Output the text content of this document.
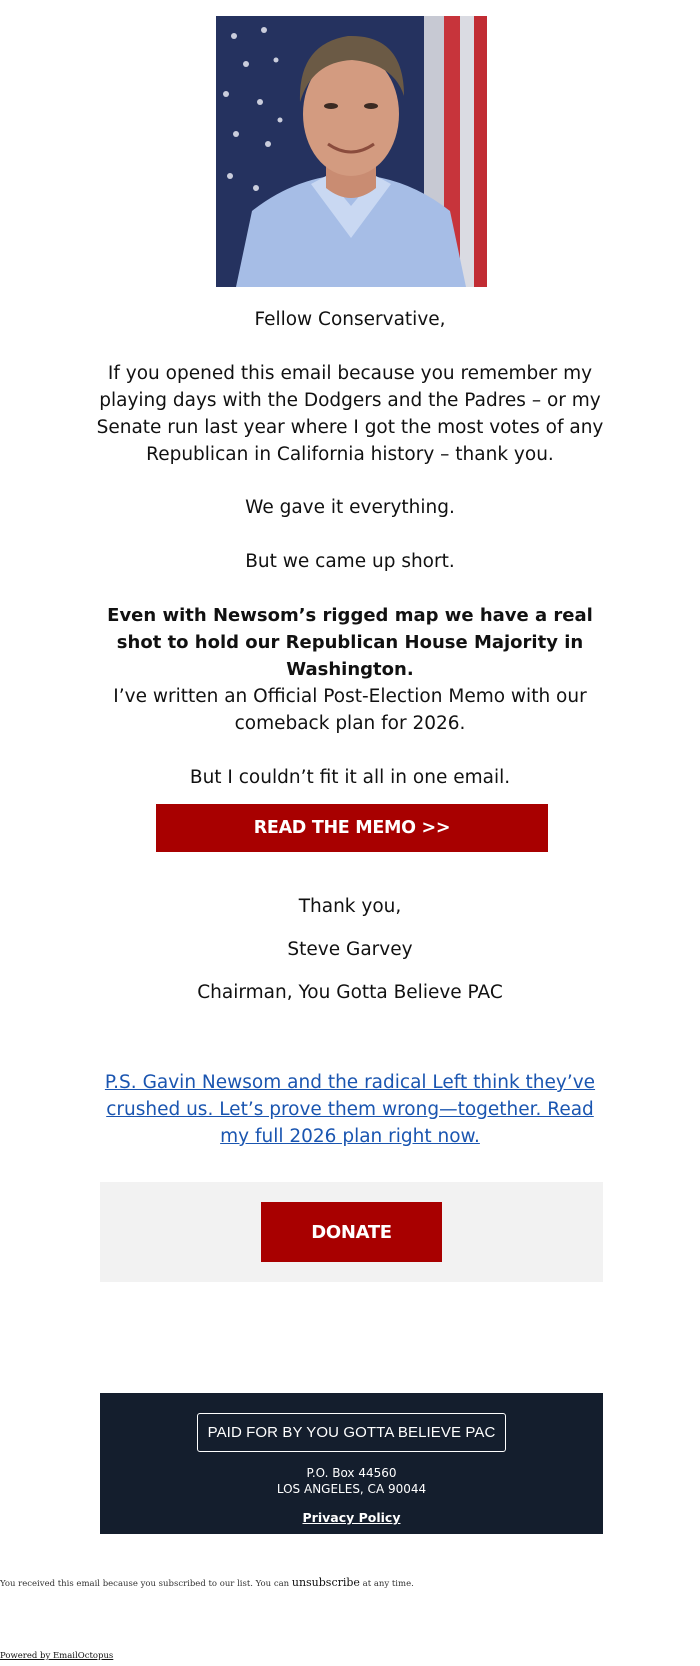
Fellow Conservative,

If you opened this email because you remember my playing days with the Dodgers and the Padres – or my Senate run last year where I got the most votes of any Republican in California history – thank you.

We gave it everything.

But we came up short.

Even with Newsom’s rigged map we have a real shot to hold our Republican House Majority in Washington.

I’ve written an Official Post-Election Memo with our comeback plan for 2026.

But I couldn’t fit it all in one email.

READ THE MEMO >>

Thank you,

Steve Garvey

Chairman, You Gotta Believe PAC

P.S. Gavin Newsom and the radical Left think they’ve crushed us. Let’s prove them wrong—together. Read my full 2026 plan right now.

DONATE
PAID FOR BY YOU GOTTA BELIEVE PAC
P.O. Box 44560
LOS ANGELES, CA 90044
Privacy Policy
You received this email because you subscribed to our list. You can unsubscribe at any time.
Powered by EmailOctopus
